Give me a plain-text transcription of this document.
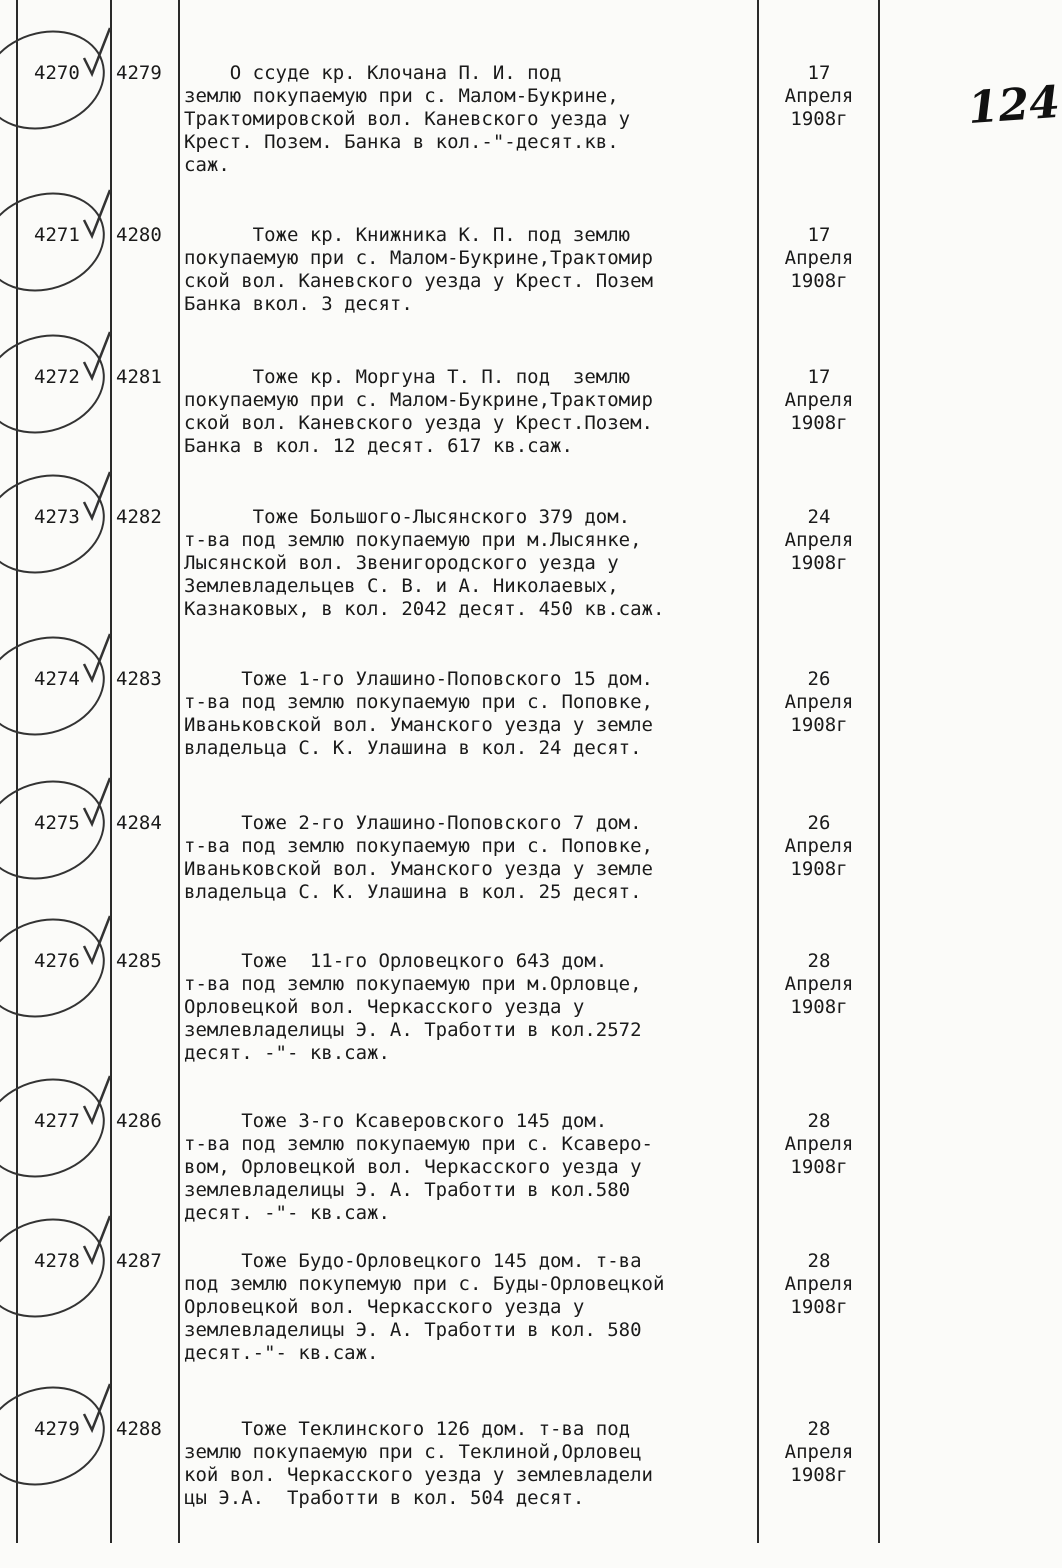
124
4270 4279 О ссуде кр. Клочана П. И. под
землю покупаемую при с. Малом-Букрине,
Трактомировской вол. Каневского уезда у
Крест. Позем. Банка в кол.-"-десят.кв.
саж.
17
Апреля
1908г
4271 4280 Тоже кр. Книжника К. П. под землю
покупаемую при с. Малом-Букрине,Трактомир
ской вол. Каневского уезда у Крест. Позем
Банка вкол. 3 десят.
17
Апреля
1908г
4272 4281 Тоже кр. Моргуна Т. П. под  землю
покупаемую при с. Малом-Букрине,Трактомир
ской вол. Каневского уезда у Крест.Позем.
Банка в кол. 12 десят. 617 кв.саж.
17
Апреля
1908г
4273 4282 Тоже Большого-Лысянского 379 дом.
т-ва под землю покупаемую при м.Лысянке,
Лысянской вол. Звенигородского уезда у
Землевладельцев С. В. и А. Николаевых,
Казнаковых, в кол. 2042 десят. 450 кв.саж.
24
Апреля
1908г
4274 4283 Тоже 1-го Улашино-Поповского 15 дом.
т-ва под землю покупаемую при с. Поповке,
Иваньковской вол. Уманского уезда у земле
владельца С. К. Улашина в кол. 24 десят.
26
Апреля
1908г
4275 4284 Тоже 2-го Улашино-Поповского 7 дом.
т-ва под землю покупаемую при с. Поповке,
Иваньковской вол. Уманского уезда у земле
владельца С. К. Улашина в кол. 25 десят.
26
Апреля
1908г
4276 4285 Тоже  11-го Орловецкого 643 дом.
т-ва под землю покупаемую при м.Орловце,
Орловецкой вол. Черкасского уезда у
землевладелицы Э. А. Тработти в кол.2572
десят. -"- кв.саж.
28
Апреля
1908г
4277 4286 Тоже 3-го Ксаверовского 145 дом.
т-ва под землю покупаемую при с. Ксаверо-
вом, Орловецкой вол. Черкасского уезда у
землевладелицы Э. А. Тработти в кол.580
десят. -"- кв.саж.
28
Апреля
1908г
4278 4287 Тоже Будо-Орловецкого 145 дом. т-ва
под землю покупемую при с. Буды-Орловецкой
Орловецкой вол. Черкасского уезда у
землевладелицы Э. А. Тработти в кол. 580
десят.-"- кв.саж.
28
Апреля
1908г
4279 4288 Тоже Теклинского 126 дом. т-ва под
землю покупаемую при с. Теклиной,Орловец
кой вол. Черкасского уезда у землевладели
цы Э.А.  Тработти в кол. 504 десят.
28
Апреля
1908г
